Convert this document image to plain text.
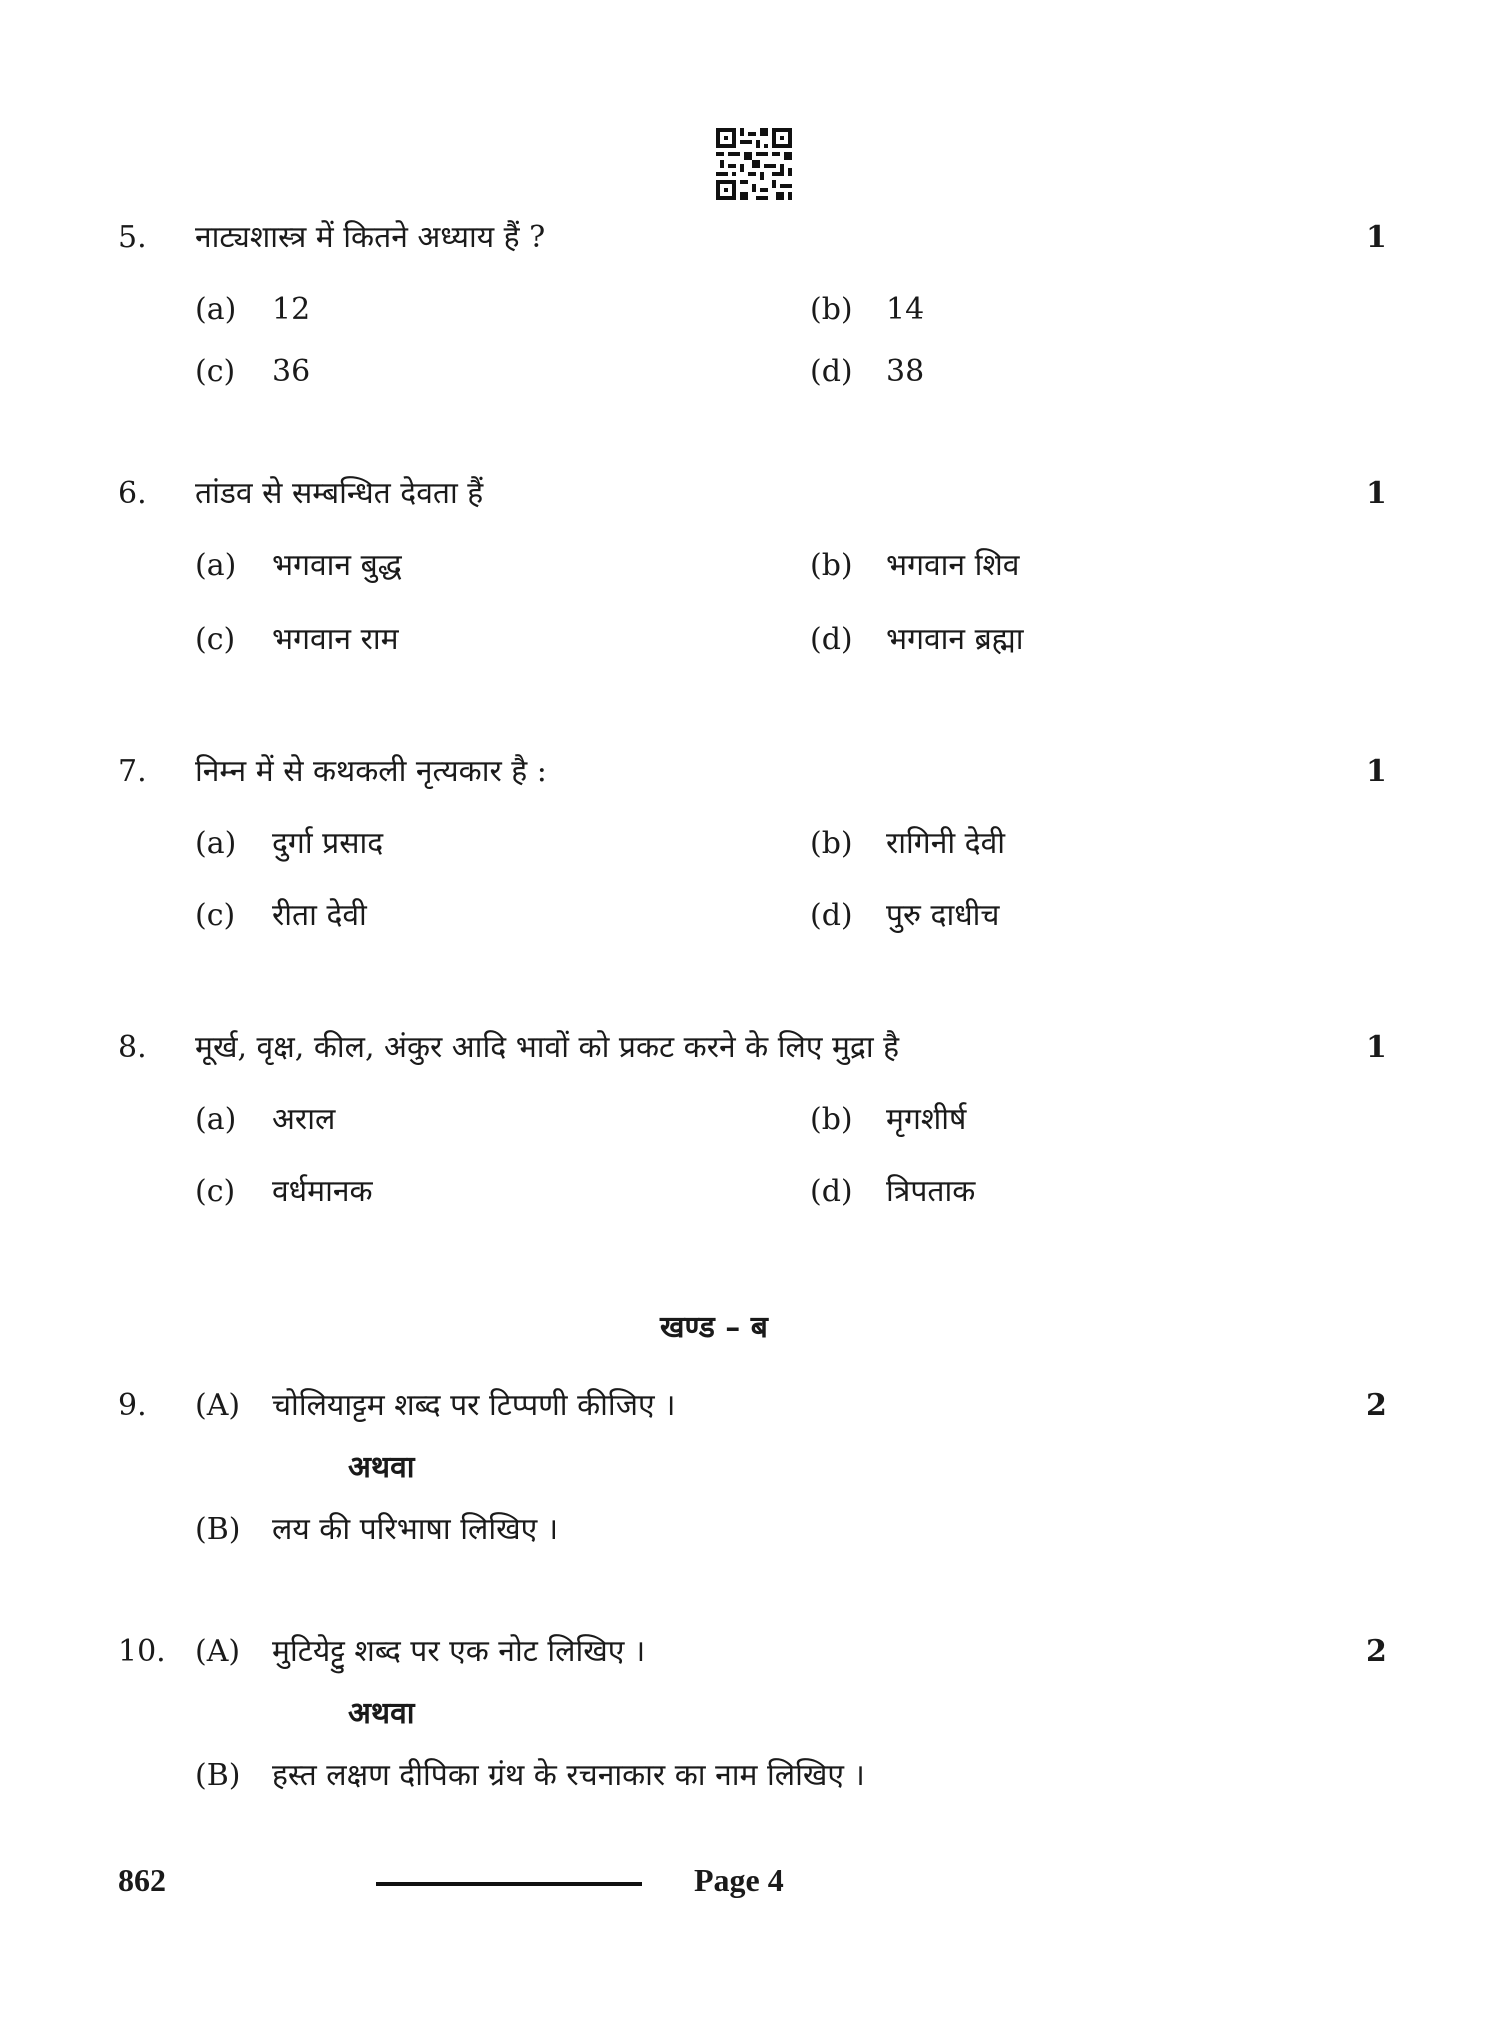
5. नाट्यशास्त्र में कितने अध्याय हैं ?	1
(a) 12	(b) 14
(c) 36	(d) 38
6. तांडव से सम्बन्धित देवता हैं	1
(a) भगवान बुद्ध	(b) भगवान शिव
(c) भगवान राम	(d) भगवान ब्रह्मा
7. निम्न में से कथकली नृत्यकार है :	1
(a) दुर्गा प्रसाद	(b) रागिनी देवी
(c) रीता देवी	(d) पुरु दाधीच
8. मूर्ख, वृक्ष, कील, अंकुर आदि भावों को प्रकट करने के लिए मुद्रा है	1
(a) अराल	(b) मृगशीर्ष
(c) वर्धमानक	(d) त्रिपताक
खण्ड – ब
9. (A) चोलियाट्टम शब्द पर टिप्पणी कीजिए ।	2
अथवा
(B) लय की परिभाषा लिखिए ।
10. (A) मुटियेट्टु शब्द पर एक नोट लिखिए ।	2
अथवा
(B) हस्त लक्षण दीपिका ग्रंथ के रचनाकार का नाम लिखिए ।
862	Page 4
